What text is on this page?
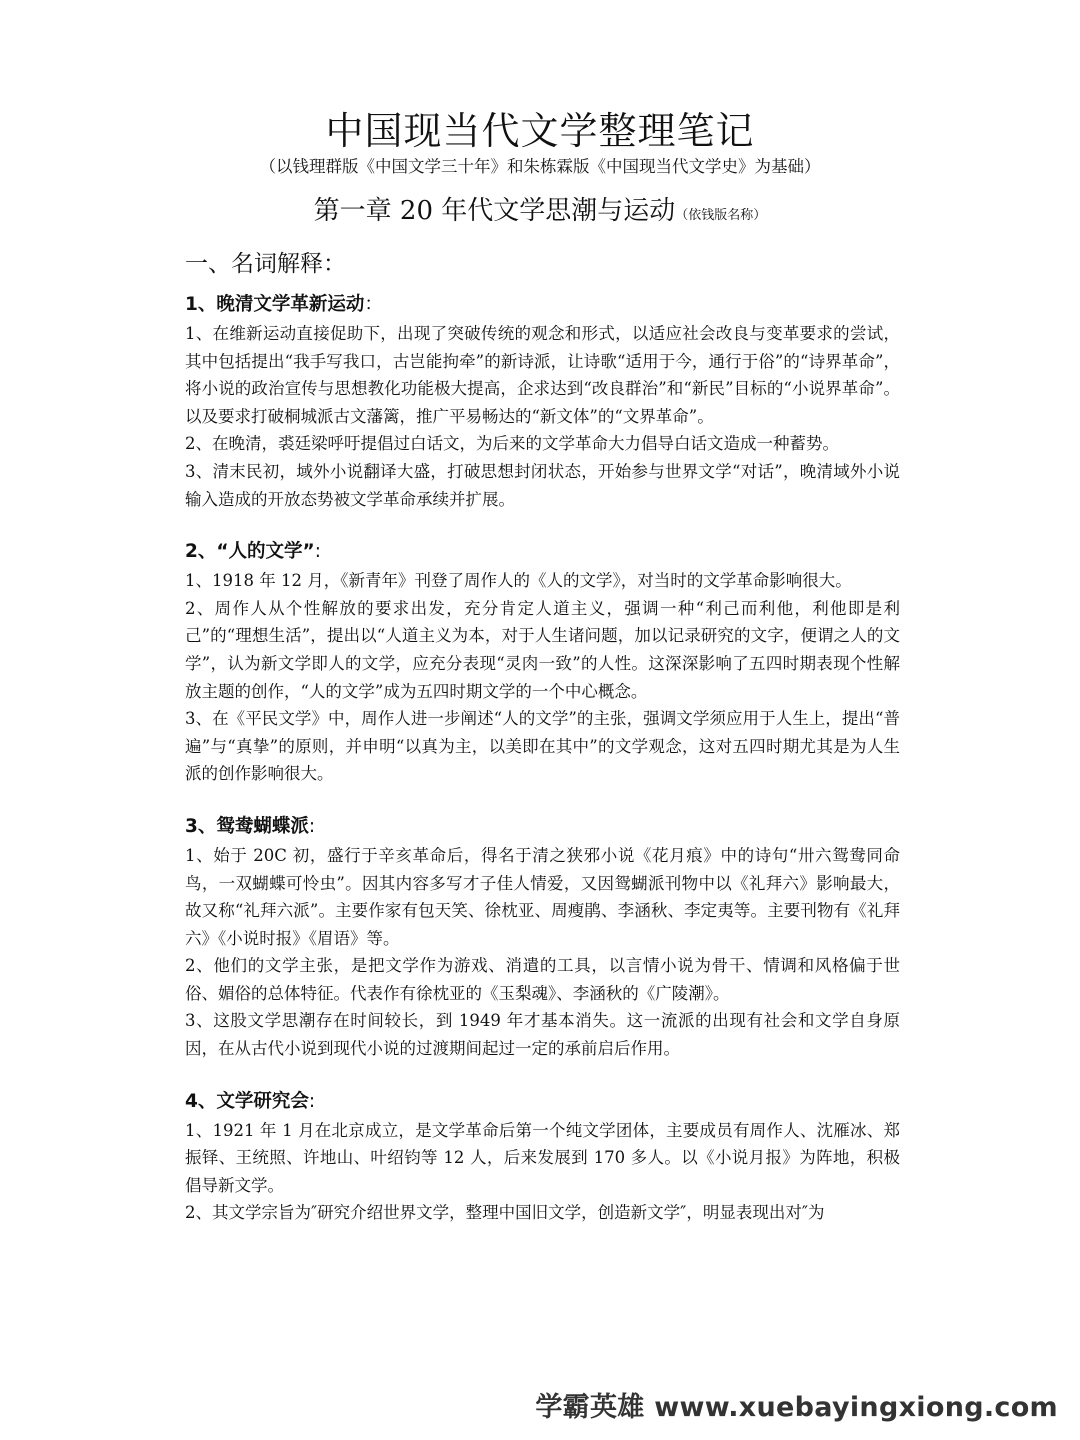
中国现当代文学整理笔记
（以钱理群版《中国文学三十年》和朱栋霖版《中国现当代文学史》为基础）
第一章 20 年代文学思潮与运动（依钱版名称）
一、名词解释：

1、晚清文学革新运动：

1、在维新运动直接促助下，出现了突破传统的观念和形式，以适应社会改良与变革要求的尝试，其中包括提出“我手写我口，古岂能拘牵”的新诗派，让诗歌“适用于今，通行于俗”的“诗界革命”，将小说的政治宣传与思想教化功能极大提高，企求达到“改良群治”和“新民”目标的“小说界革命”。以及要求打破桐城派古文藩篱，推广平易畅达的“新文体”的“文界革命”。

2、在晚清，裘廷梁呼吁提倡过白话文，为后来的文学革命大力倡导白话文造成一种蓄势。

3、清末民初，域外小说翻译大盛，打破思想封闭状态，开始参与世界文学“对话”，晚清域外小说输入造成的开放态势被文学革命承续并扩展。

2、“人的文学”:

1、1918 年 12 月，《新青年》刊登了周作人的《人的文学》，对当时的文学革命影响很大。

2、周作人从个性解放的要求出发，充分肯定人道主义，强调一种“利己而利他，利他即是利己”的“理想生活”，提出以“人道主义为本，对于人生诸问题，加以记录研究的文字，便谓之人的文学”，认为新文学即人的文学，应充分表现“灵肉一致”的人性。这深深影响了五四时期表现个性解放主题的创作，“人的文学”成为五四时期文学的一个中心概念。

3、在《平民文学》中，周作人进一步阐述“人的文学”的主张，强调文学须应用于人生上，提出“普遍”与“真挚”的原则，并申明“以真为主，以美即在其中”的文学观念，这对五四时期尤其是为人生派的创作影响很大。

3、鸳鸯蝴蝶派:

1、始于 20C 初，盛行于辛亥革命后，得名于清之狭邪小说《花月痕》中的诗句“卅六鸳鸯同命鸟，一双蝴蝶可怜虫”。因其内容多写才子佳人情爱，又因鸳蝴派刊物中以《礼拜六》影响最大，故又称“礼拜六派”。主要作家有包天笑、徐枕亚、周瘦鹃、李涵秋、李定夷等。主要刊物有《礼拜六》《小说时报》《眉语》等。

2、他们的文学主张，是把文学作为游戏、消遣的工具，以言情小说为骨干、情调和风格偏于世俗、媚俗的总体特征。代表作有徐枕亚的《玉梨魂》、李涵秋的《广陵潮》。

3、这股文学思潮存在时间较长，到 1949 年才基本消失。这一流派的出现有社会和文学自身原因，在从古代小说到现代小说的过渡期间起过一定的承前启后作用。

4、文学研究会:

1、1921 年 1 月在北京成立，是文学革命后第一个纯文学团体，主要成员有周作人、沈雁冰、郑振铎、王统照、许地山、叶绍钧等 12 人，后来发展到 170 多人。以《小说月报》为阵地，积极倡导新文学。

2、其文学宗旨为″研究介绍世界文学，整理中国旧文学，创造新文学″，明显表现出对″为

学霸英雄 www.xuebayingxiong.com
